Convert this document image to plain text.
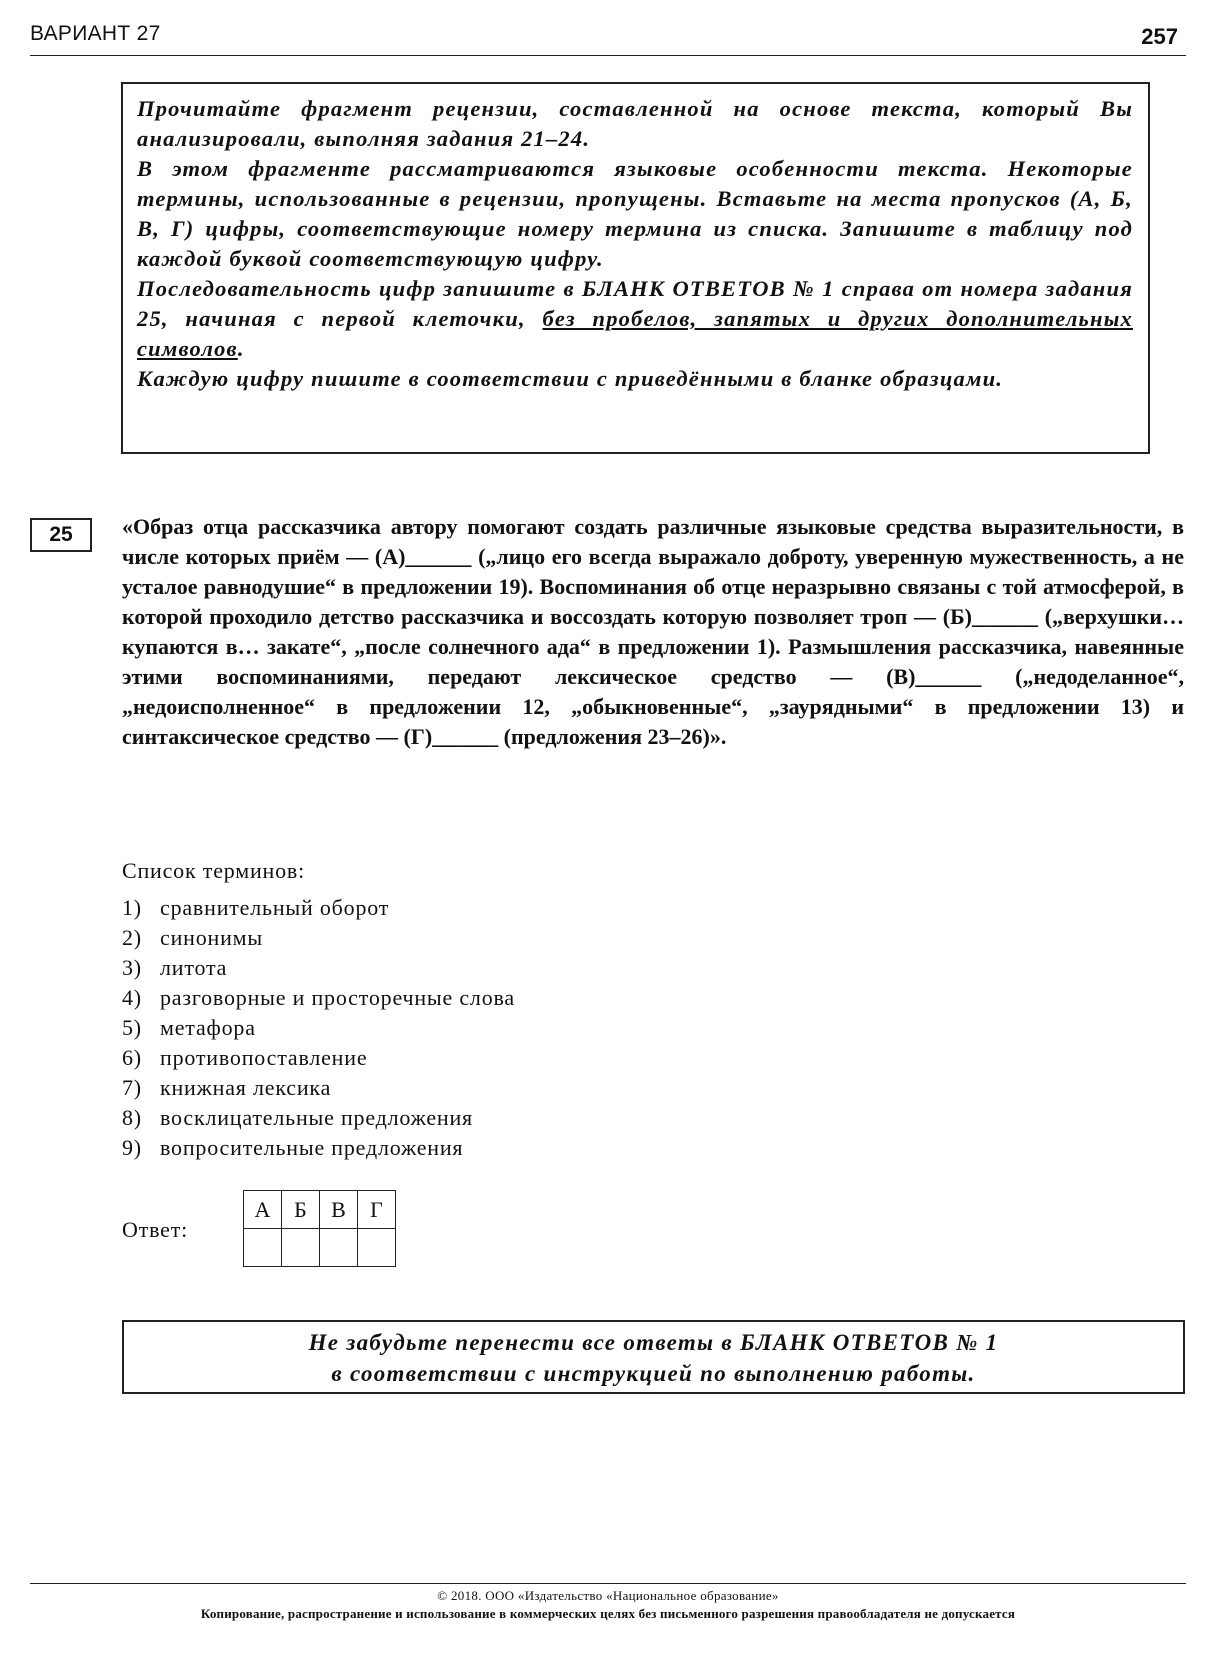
ВАРИАНТ 27	257

Прочитайте фрагмент рецензии, составленной на основе текста, который Вы анализировали, выполняя задания 21–24.

В этом фрагменте рассматриваются языковые особенности текста. Некоторые термины, использованные в рецензии, пропущены. Вставьте на места пропусков (А, Б, В, Г) цифры, соответствующие номеру термина из списка. Запишите в таблицу под каждой буквой соответствующую цифру.

Последовательность цифр запишите в БЛАНК ОТВЕТОВ № 1 справа от номера задания 25, начиная с первой клеточки, без пробелов, запятых и других дополнительных символов.

Каждую цифру пишите в соответствии с приведёнными в бланке образцами.

25	«Образ отца рассказчика автору помогают создать различные языковые средства выразительности, в числе которых приём — (А)______ („лицо его всегда выражало доброту, уверенную мужественность, а не усталое равнодушие“ в предложении 19). Воспоминания об отце неразрывно связаны с той атмосферой, в которой проходило детство рассказчика и воссоздать которую позволяет троп — (Б)______ („верхушки… купаются в… закате“, „после солнечного ада“ в предложении 1). Размышления рассказчика, навеянные этими воспоминаниями, передают лексическое средство — (В)______ („недоделанное“, „недоисполненное“ в предложении 12, „обыкновенные“, „заурядными“ в предложении 13) и синтаксическое средство — (Г)______ (предложения 23–26)».

Список терминов:
1) сравнительный оборот
2) синонимы
3) литота
4) разговорные и просторечные слова
5) метафора
6) противопоставление
7) книжная лексика
8) восклицательные предложения
9) вопросительные предложения
Ответ:
А	Б	В	Г

Не забудьте перенести все ответы в БЛАНК ОТВЕТОВ № 1
в соответствии с инструкцией по выполнению работы.
© 2018. ООО «Издательство «Национальное образование»
Копирование, распространение и использование в коммерческих целях без письменного разрешения правообладателя не допускается
